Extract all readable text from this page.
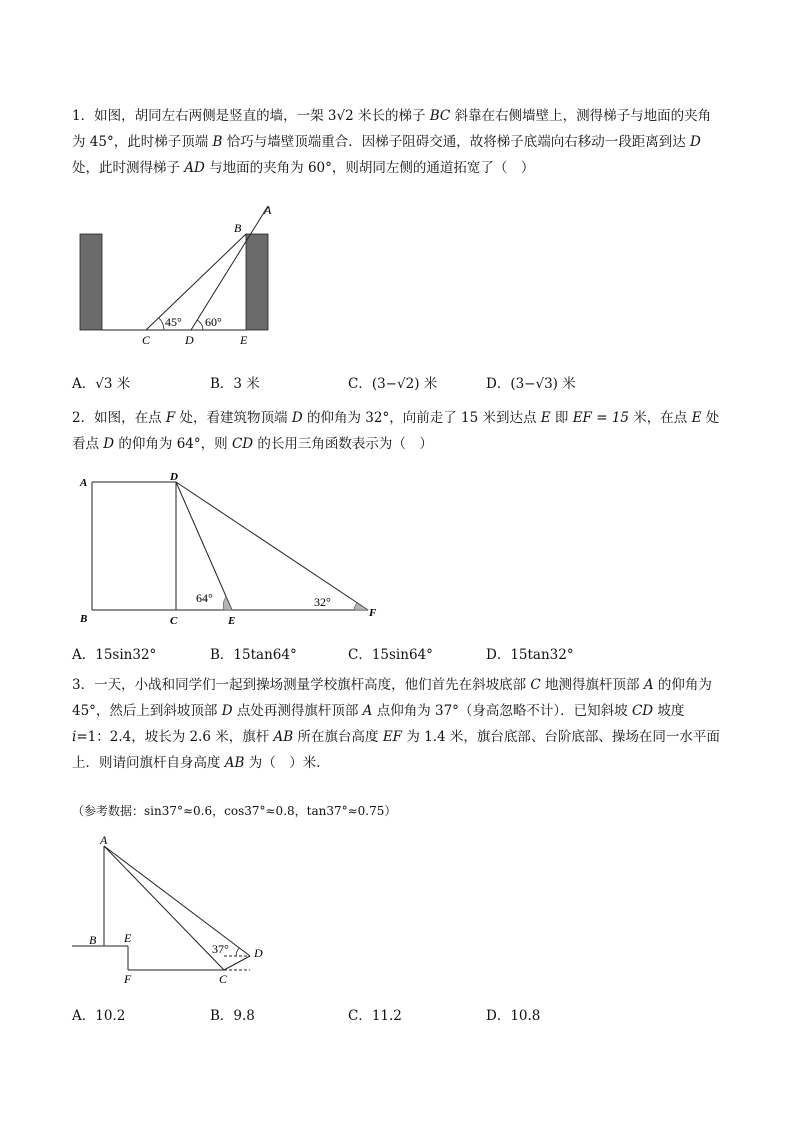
1．如图，胡同左右两侧是竖直的墙，一架 3√2 米长的梯子 BC 斜靠在右侧墙壁上，测得梯子与地面的夹角为 45°，此时梯子顶端 B 恰巧与墙壁顶端重合．因梯子阻碍交通，故将梯子底端向右移动一段距离到达 D 处，此时测得梯子 AD 与地面的夹角为 60°，则胡同左侧的通道拓宽了（　）

45° 60°
A
B
C	D	E
A．√3 米	B．3 米	C．(3−√2) 米	D．(3−√3) 米

2．如图，在点 F 处，看建筑物顶端 D 的仰角为 32°，向前走了 15 米到达点 E 即 EF = 15 米，在点 E 处看点 D 的仰角为 64°，则 CD 的长用三角函数表示为（　）

64°	32°
A	D
B	C	E
F
A．15sin32°	B．15tan64°	C．15sin64°	D．15tan32°

3．一天，小战和同学们一起到操场测量学校旗杆高度，他们首先在斜坡底部 C 地测得旗杆顶部 A 的仰角为 45°，然后上到斜坡顶部 D 点处再测得旗杆顶部 A 点仰角为 37°（身高忽略不计）．已知斜坡 CD 坡度 i=1：2.4，坡长为 2.6 米，旗杆 AB 所在旗台高度 EF 为 1.4 米，旗台底部、台阶底部、操场在同一水平面上．则请问旗杆自身高度 AB 为（　）米．

（参考数据：sin37°≈0.6，cos37°≈0.8，tan37°≈0.75）
37°
A
B E
F	C
D
A．10.2	B．9.8	C．11.2	D．10.8
